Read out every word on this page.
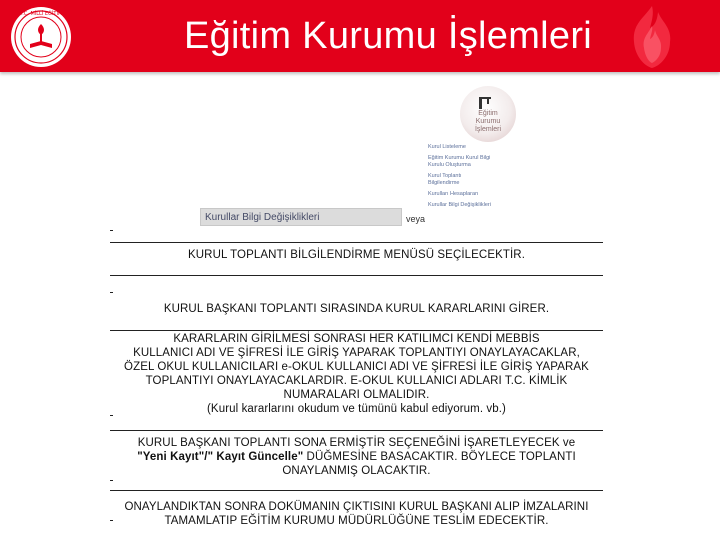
T.C. MİLLİ EĞİTİM
Eğitim Kurumu İşlemleri
Eğitim
Kurumu
İşlemleri
Kurul Listeleme
Eğitim Kurumu Kurul Bilgi
Kurulu Oluşturma
Kurul Toplantı
Bilgilendirme
Kurulları Hesaplaran
Kurullar Bilgi Değişiklikleri
Kurullar Bilgi Değişiklikleri	veya
KURUL TOPLANTI BİLGİLENDİRME MENÜSÜ SEÇİLECEKTİR.
KURUL BAŞKANI TOPLANTI SIRASINDA KURUL KARARLARINI GİRER.
KARARLARIN GİRİLMESİ SONRASI HER KATILIMCI KENDİ MEBBİS
KULLANICI ADI VE ŞİFRESİ İLE GİRİŞ YAPARAK TOPLANTIYI ONAYLAYACAKLAR,
ÖZEL OKUL KULLANICILARI e-OKUL KULLANICI ADI VE ŞİFRESİ İLE GİRİŞ YAPARAK
TOPLANTIYI ONAYLAYACAKLARDIR. E-OKUL KULLANICI ADLARI T.C. KİMLİK
NUMARALARI OLMALIDIR.
(Kurul kararlarını okudum ve tümünü kabul ediyorum. vb.)
KURUL BAŞKANI TOPLANTI SONA ERMİŞTİR SEÇENEĞİNİ İŞARETLEYECEK ve
"Yeni Kayıt"/" Kayıt Güncelle" DÜĞMESİNE BASACAKTIR. BÖYLECE TOPLANTI
ONAYLANMIŞ OLACAKTIR.
ONAYLANDIKTAN SONRA DOKÜMANIN ÇIKTISINI KURUL BAŞKANI ALIP İMZALARINI
TAMAMLATIP EĞİTİM KURUMU MÜDÜRLÜĞÜNE TESLİM EDECEKTİR.
